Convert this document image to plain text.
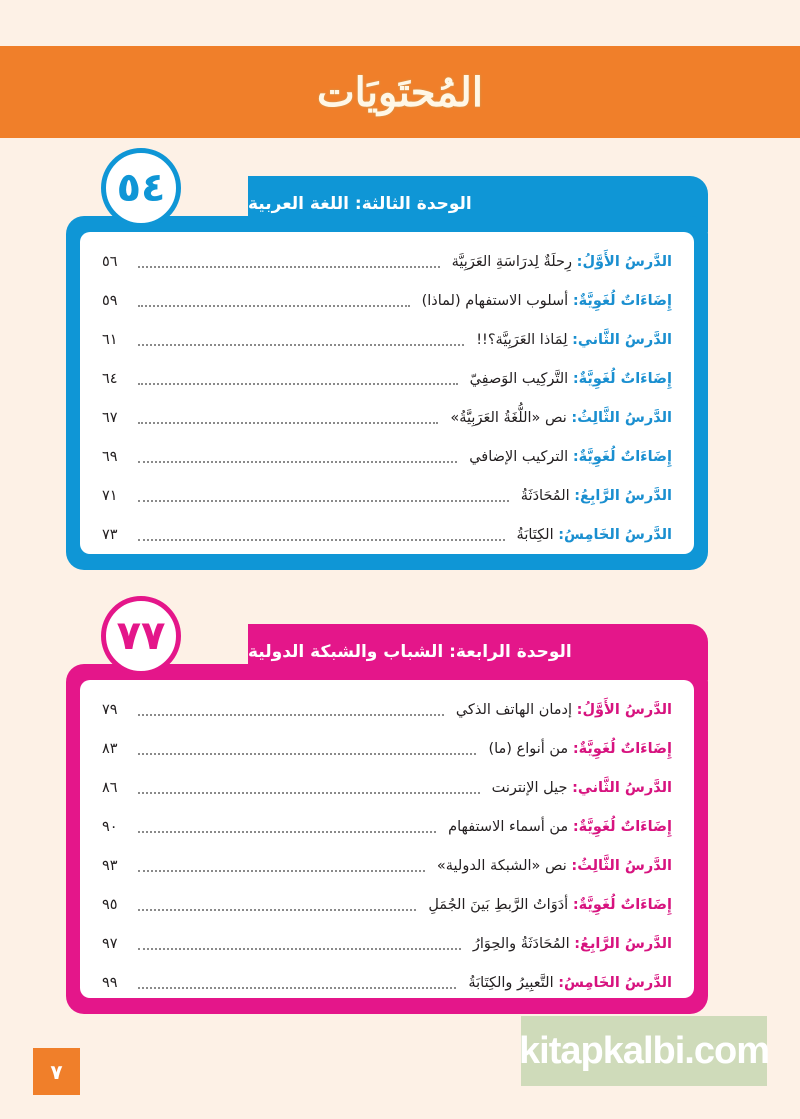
المُحتَويَات
الوحدة الثالثة: اللغة العربية
الدَّرسُ الأَوَّلُ: رِحلَةٌ لِدرَاسَةِ العَرَبِيَّة
٥٦
إِضَاءَاتٌ لُغَوِيَّةٌ: أسلوب الاستفهام (لماذا)
٥٩
الدَّرسُ الثَّاني: لِمَاذا العَرَبِيَّة؟!!
٦١
إِضَاءَاتٌ لُغَوِيَّةٌ: التَّركِيب الوَصفِيّ
٦٤
الدَّرسُ الثَّالِثُ: نص «اللُّغَةُ العَرَبِيَّةُ»
٦٧
إِضَاءَاتٌ لُغَوِيَّةٌ: التركيب الإضافي
٦٩
الدَّرسُ الرَّابِعُ: المُحَادَثَةُ
٧١
الدَّرسُ الخَامِسُ: الكِتَابَةُ
٧٣
٥٤
الوحدة الرابعة: الشباب والشبكة الدولية
الدَّرسُ الأَوَّلُ: إدمان الهاتف الذكي
٧٩
إِضَاءَاتٌ لُغَوِيَّةٌ: من أنواع (ما)
٨٣
الدَّرسُ الثَّاني: جيل الإنترنت
٨٦
إِضَاءَاتٌ لُغَوِيَّةٌ: من أسماء الاستفهام
٩٠
الدَّرسُ الثَّالِثُ: نص «الشبكة الدولية»
٩٣
إِضَاءَاتٌ لُغَوِيَّةٌ: أدَوَاتُ الرَّبطِ بَينَ الجُمَلِ
٩٥
الدَّرسُ الرَّابِعُ: المُحَادَثَةُ والحِوَارُ
٩٧
الدَّرسُ الخَامِسُ: التَّعبِيرُ والكِتَابَةُ
٩٩
٧٧
٧	kitapkalbi.com
